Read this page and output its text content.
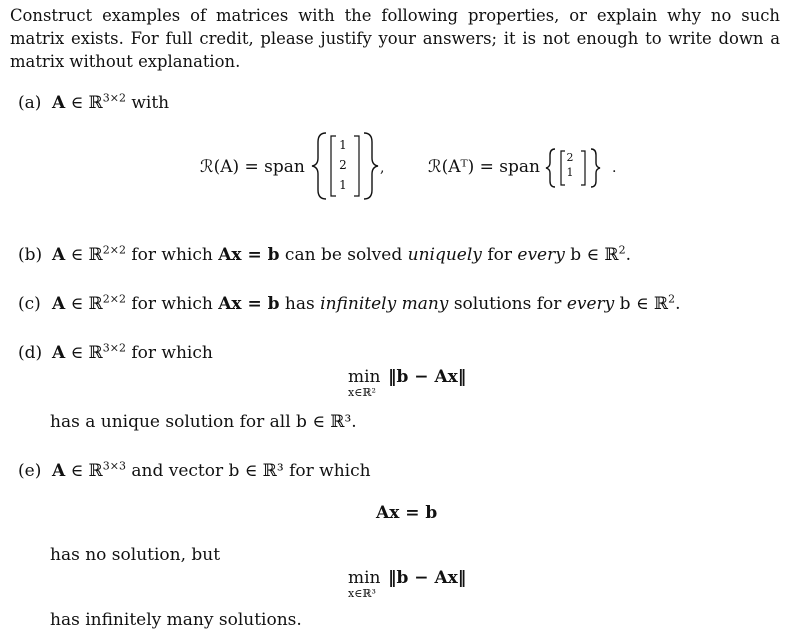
Construct examples of matrices with the following properties, or explain why no such matrix exists. For full credit, please justify your answers; it is not enough to write down a matrix without explanation.
(a) A ∈ ℝ$^{3\times 2}$ with
ℛ(A) = span
1
2
1
,	ℛ(Aᵀ) = span	2
1	.
(b) A ∈ ℝ$^{2\times 2}$ for which Ax = b can be solved uniquely for every b ∈ ℝ$^2$.
(c) A ∈ ℝ$^{2\times 2}$ for which Ax = b has infinitely many solutions for every b ∈ ℝ$^2$.
(d) A ∈ ℝ$^{3\times 2}$ for which
min ‖b − Ax‖
x∈ℝ²
has a unique solution for all b ∈ ℝ³.
(e) A ∈ ℝ$^{3\times 3}$ and vector b ∈ ℝ³ for which
Ax = b
has no solution, but
min ‖b − Ax‖
x∈ℝ³
has infinitely many solutions.
